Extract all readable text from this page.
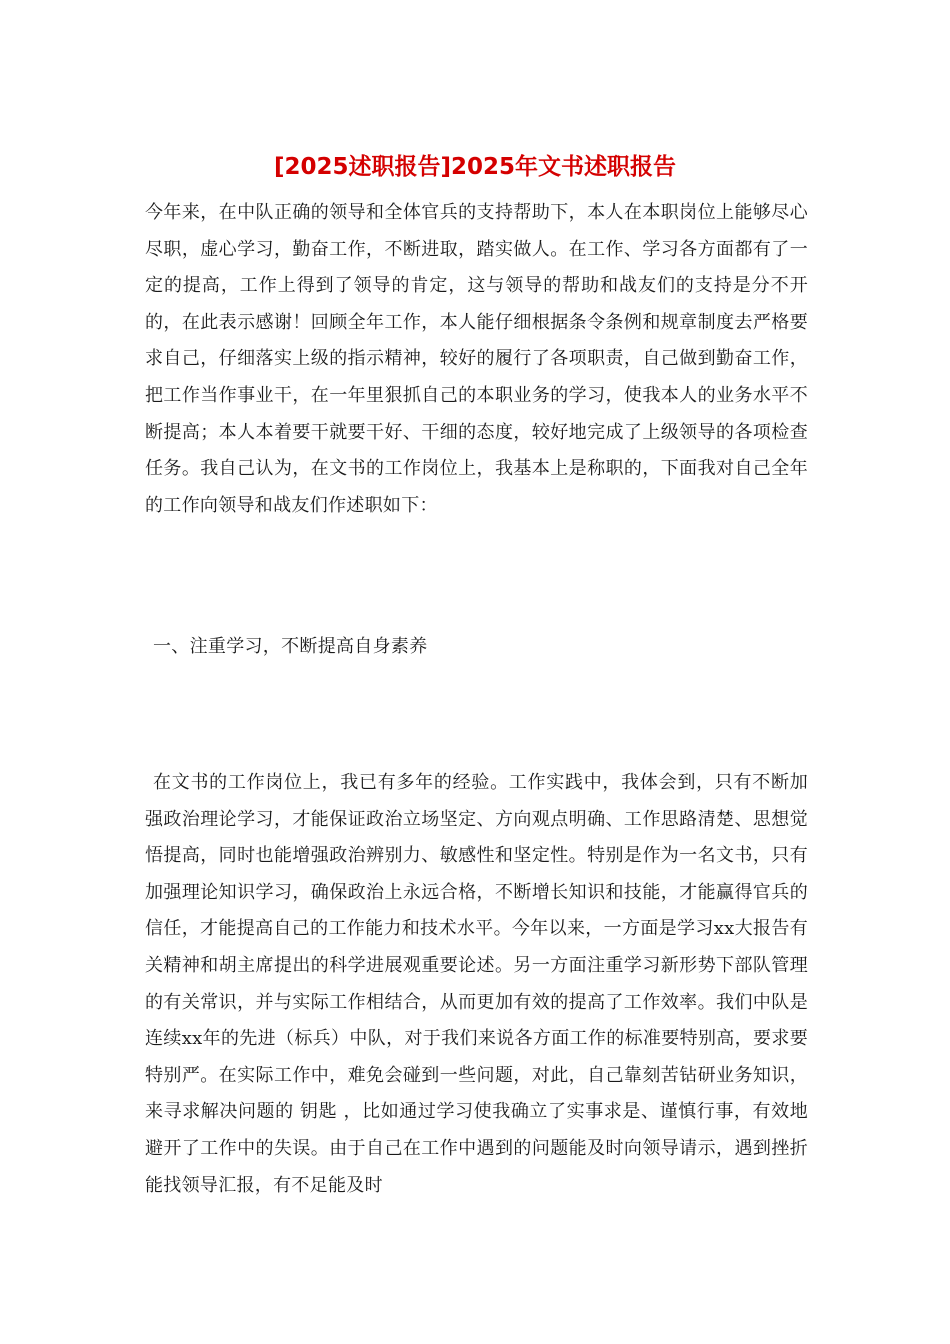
[2025述职报告]2025年文书述职报告

今年来，在中队正确的领导和全体官兵的支持帮助下，本人在本职岗位上能够尽心尽职，虚心学习，勤奋工作，不断进取，踏实做人。在工作、学习各方面都有了一定的提高，工作上得到了领导的肯定，这与领导的帮助和战友们的支持是分不开的，在此表示感谢！回顾全年工作，本人能仔细根据条令条例和规章制度去严格要求自己，仔细落实上级的指示精神，较好的履行了各项职责，自己做到勤奋工作，把工作当作事业干，在一年里狠抓自己的本职业务的学习，使我本人的业务水平不断提高；本人本着要干就要干好、干细的态度，较好地完成了上级领导的各项检查任务。我自己认为，在文书的工作岗位上，我基本上是称职的，下面我对自己全年的工作向领导和战友们作述职如下：

一、注重学习，不断提高自身素养

在文书的工作岗位上，我已有多年的经验。工作实践中，我体会到，只有不断加强政治理论学习，才能保证政治立场坚定、方向观点明确、工作思路清楚、思想觉悟提高，同时也能增强政治辨别力、敏感性和坚定性。特别是作为一名文书，只有加强理论知识学习，确保政治上永远合格，不断增长知识和技能，才能赢得官兵的信任，才能提高自己的工作能力和技术水平。今年以来，一方面是学习xx大报告有关精神和胡主席提出的科学进展观重要论述。另一方面注重学习新形势下部队管理的有关常识，并与实际工作相结合，从而更加有效的提高了工作效率。我们中队是连续xx年的先进（标兵）中队，对于我们来说各方面工作的标准要特别高，要求要特别严。在实际工作中，难免会碰到一些问题，对此，自己靠刻苦钻研业务知识，来寻求解决问题的 钥匙 ，比如通过学习使我确立了实事求是、谨慎行事，有效地避开了工作中的失误。由于自己在工作中遇到的问题能及时向领导请示，遇到挫折能找领导汇报，有不足能及时
